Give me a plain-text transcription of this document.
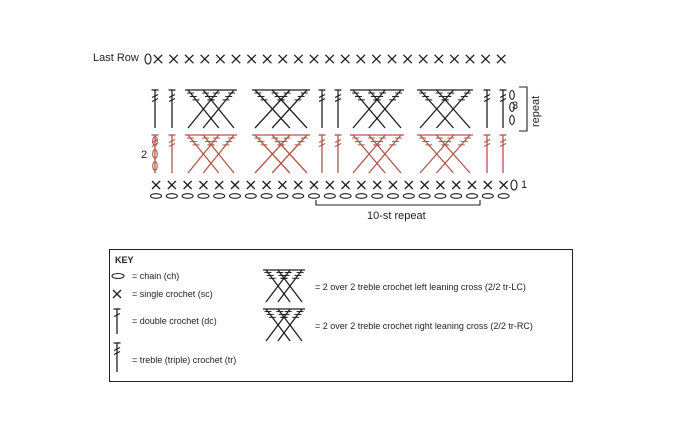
Last Row
3
2
1
10-st repeat
repeat
KEY
= chain (ch)
= single crochet (sc)
= double crochet (dc)
= treble (triple) crochet (tr)
= 2 over 2 treble crochet left leaning cross (2/2 tr-LC)
= 2 over 2 treble crochet right leaning cross (2/2 tr-RC)
